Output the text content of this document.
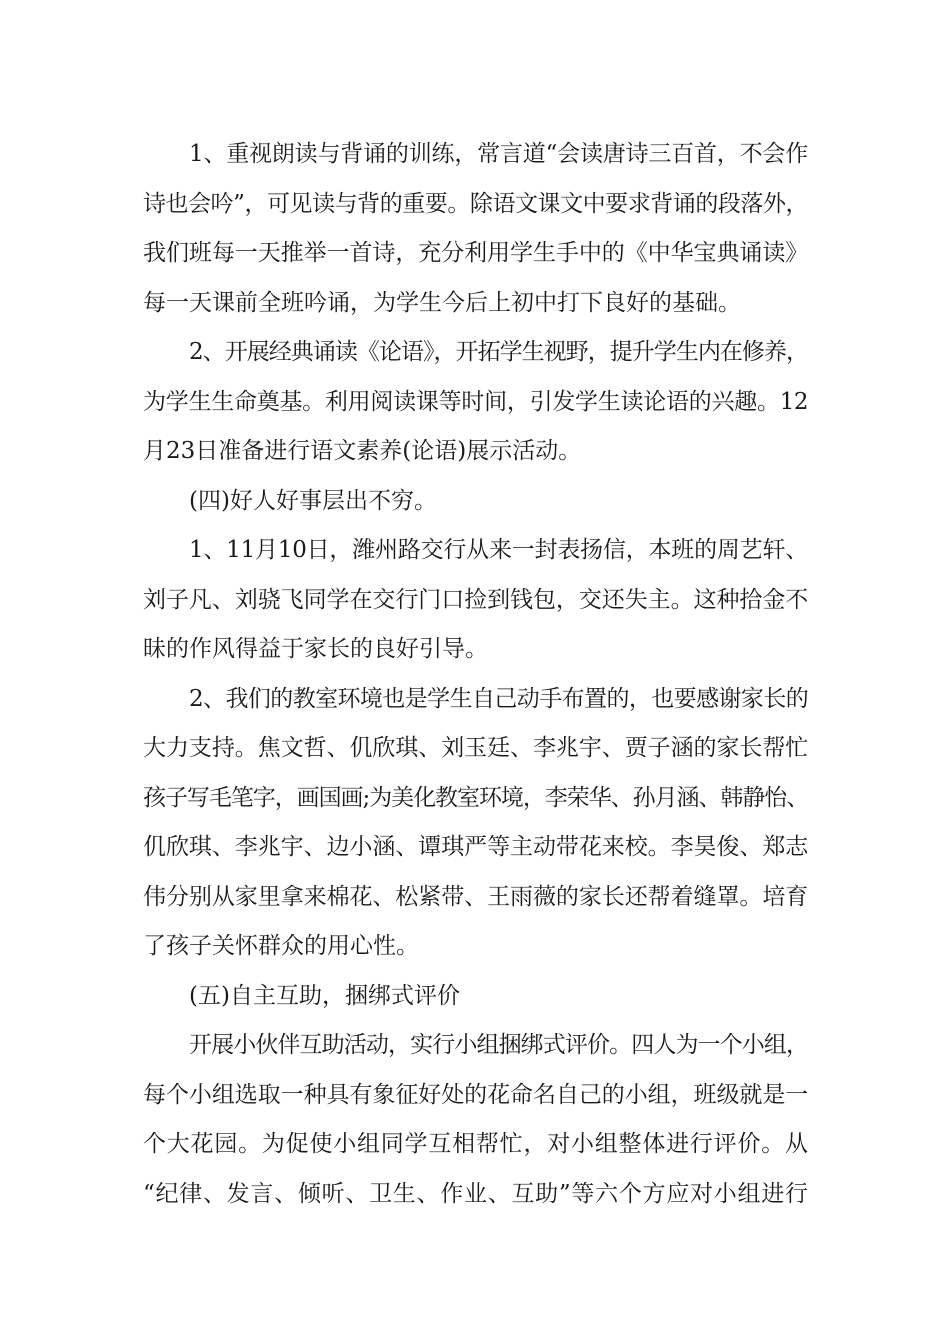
1、重视朗读与背诵的训练，常言道“会读唐诗三百首，不会作
诗也会吟”，可见读与背的重要。除语文课文中要求背诵的段落外，
我们班每一天推举一首诗，充分利用学生手中的《中华宝典诵读》
每一天课前全班吟诵，为学生今后上初中打下良好的基础。
2、开展经典诵读《论语》，开拓学生视野，提升学生内在修养，
为学生生命奠基。利用阅读课等时间，引发学生读论语的兴趣。12
月23日准备进行语文素养(论语)展示活动。
(四)好人好事层出不穷。
1、11月10日，潍州路交行从来一封表扬信，本班的周艺轩、
刘子凡、刘骁飞同学在交行门口捡到钱包，交还失主。这种拾金不
昧的作风得益于家长的良好引导。
2、我们的教室环境也是学生自己动手布置的，也要感谢家长的
大力支持。焦文哲、仉欣琪、刘玉廷、李兆宇、贾子涵的家长帮忙
孩子写毛笔字，画国画;为美化教室环境，李荣华、孙月涵、韩静怡、
仉欣琪、李兆宇、边小涵、谭琪严等主动带花来校。李昊俊、郑志
伟分别从家里拿来棉花、松紧带、王雨薇的家长还帮着缝罩。培育
了孩子关怀群众的用心性。
(五)自主互助，捆绑式评价
开展小伙伴互助活动，实行小组捆绑式评价。四人为一个小组，
每个小组选取一种具有象征好处的花命名自己的小组，班级就是一
个大花园。为促使小组同学互相帮忙，对小组整体进行评价。从
“纪律、发言、倾听、卫生、作业、互助”等六个方应对小组进行
